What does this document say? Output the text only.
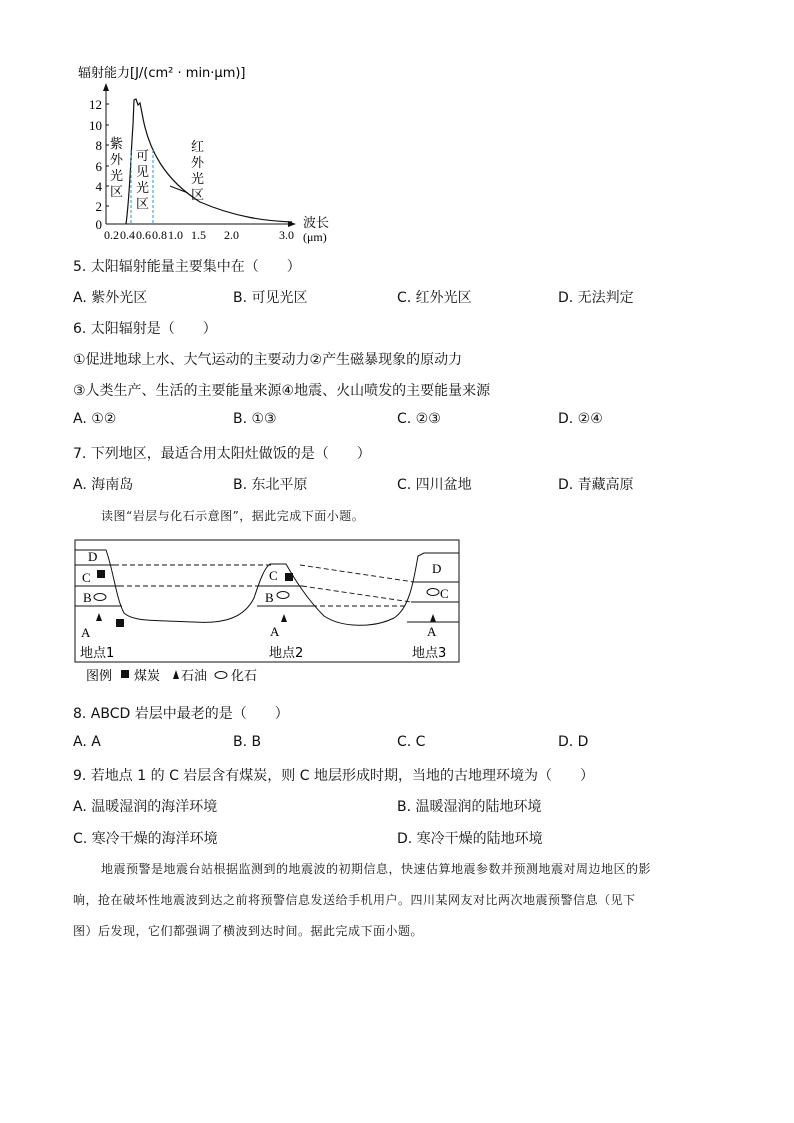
辐射能力[J/(cm² · min·μm)]
12
10
8
6
4
2
0
0.2 0.4 0.6 0.8 1.0 1.5 2.0	3.0
波长
(μm)
紫
外
光
区
可
见
光
区
红
外
光
区
5. 太阳辐射能量主要集中在（　　）
A. 紫外光区	B. 可见光区	C. 红外光区	D. 无法判定
6. 太阳辐射是（　　）
①促进地球上水、大气运动的主要动力②产生磁暴现象的原动力
③人类生产、生活的主要能量来源④地震、火山喷发的主要能量来源
A. ①②	B. ①③	C. ②③	D. ②④
7. 下列地区，最适合用太阳灶做饭的是（　　）
A. 海南岛	B. 东北平原	C. 四川盆地	D. 青藏高原
读图“岩层与化石示意图”，据此完成下面小题。
D
C
B
A
C
B
A
D
C
A
地点1	地点2	地点3
图例 煤炭 石油 化石
8. ABCD 岩层中最老的是（　　）
A. A	B. B	C. C	D. D
9. 若地点 1 的 C 岩层含有煤炭，则 C 地层形成时期，当地的古地理环境为（　　）
A. 温暖湿润的海洋环境	B. 温暖湿润的陆地环境
C. 寒冷干燥的海洋环境	D. 寒冷干燥的陆地环境
地震预警是地震台站根据监测到的地震波的初期信息，快速估算地震参数并预测地震对周边地区的影
响，抢在破坏性地震波到达之前将预警信息发送给手机用户。四川某网友对比两次地震预警信息（见下
图）后发现，它们都强调了横波到达时间。据此完成下面小题。
